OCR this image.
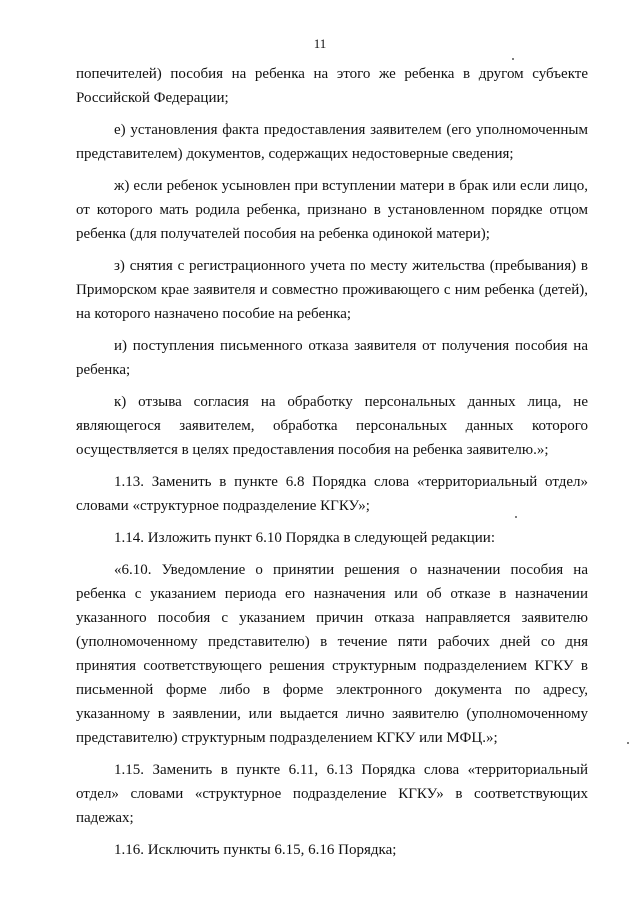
11

попечителей) пособия на ребенка на этого же ребенка в другом субъекте Российской Федерации;

е) установления факта предоставления заявителем (его уполномоченным представителем) документов, содержащих недостоверные сведения;

ж) если ребенок усыновлен при вступлении матери в брак или если лицо, от которого мать родила ребенка, признано в установленном порядке отцом ребенка (для получателей пособия на ребенка одинокой матери);

з) снятия с регистрационного учета по месту жительства (пребывания) в Приморском крае заявителя и совместно проживающего с ним ребенка (детей), на которого назначено пособие на ребенка;

и) поступления письменного отказа заявителя от получения пособия на ребенка;

к) отзыва согласия на обработку персональных данных лица, не являющегося заявителем, обработка персональных данных которого осуществляется в целях предоставления пособия на ребенка заявителю.»;

1.13. Заменить в пункте 6.8 Порядка слова «территориальный отдел» словами «структурное подразделение КГКУ»;

1.14. Изложить пункт 6.10 Порядка в следующей редакции:

«6.10. Уведомление о принятии решения о назначении пособия на ребенка с указанием периода его назначения или об отказе в назначении указанного пособия с указанием причин отказа направляется заявителю (уполномоченному представителю) в течение пяти рабочих дней со дня принятия соответствующего решения структурным подразделением КГКУ в письменной форме либо в форме электронного документа по адресу, указанному в заявлении, или выдается лично заявителю (уполномоченному представителю) структурным подразделением КГКУ или МФЦ.»;

1.15. Заменить в пункте 6.11, 6.13 Порядка слова «территориальный отдел» словами «структурное подразделение КГКУ» в соответствующих падежах;

1.16. Исключить пункты 6.15, 6.16 Порядка;
